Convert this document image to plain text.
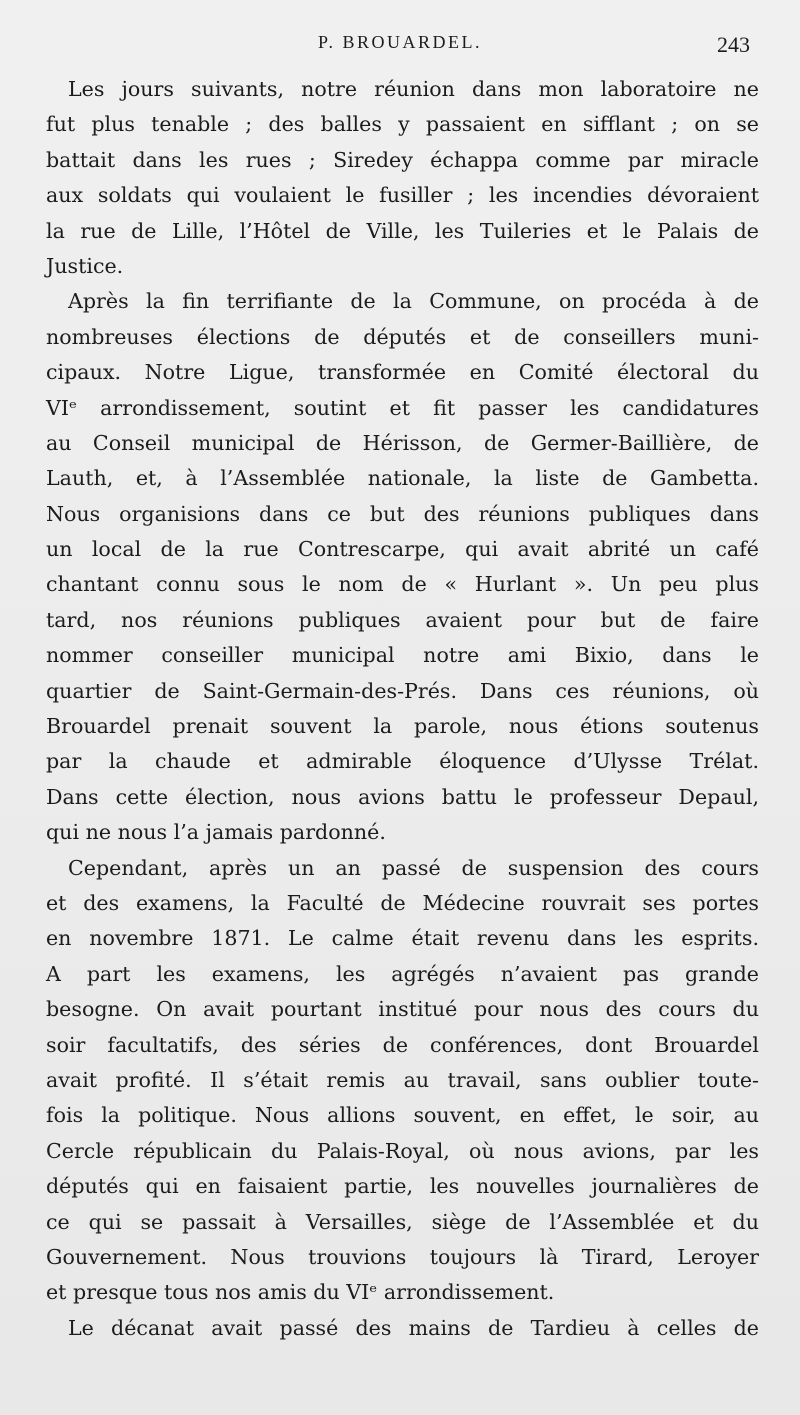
P. BROUARDEL.	243
Les jours suivants, notre réunion dans mon laboratoire ne
fut plus tenable ; des balles y passaient en sifflant ; on se
battait dans les rues ; Siredey échappa comme par miracle
aux soldats qui voulaient le fusiller ; les incendies dévoraient
la rue de Lille, l’Hôtel de Ville, les Tuileries et le Palais de
Justice.
Après la fin terrifiante de la Commune, on procéda à de
nombreuses élections de députés et de conseillers muni-
cipaux. Notre Ligue, transformée en Comité électoral du
VIᵉ arrondissement, soutint et fit passer les candidatures
au Conseil municipal de Hérisson, de Germer-Baillière, de
Lauth, et, à l’Assemblée nationale, la liste de Gambetta.
Nous organisions dans ce but des réunions publiques dans
un local de la rue Contrescarpe, qui avait abrité un café
chantant connu sous le nom de « Hurlant ». Un peu plus
tard, nos réunions publiques avaient pour but de faire
nommer conseiller municipal notre ami Bixio, dans le
quartier de Saint-Germain-des-Prés. Dans ces réunions, où
Brouardel prenait souvent la parole, nous étions soutenus
par la chaude et admirable éloquence d’Ulysse Trélat.
Dans cette élection, nous avions battu le professeur Depaul,
qui ne nous l’a jamais pardonné.
Cependant, après un an passé de suspension des cours
et des examens, la Faculté de Médecine rouvrait ses portes
en novembre 1871. Le calme était revenu dans les esprits.
A part les examens, les agrégés n’avaient pas grande
besogne. On avait pourtant institué pour nous des cours du
soir facultatifs, des séries de conférences, dont Brouardel
avait profité. Il s’était remis au travail, sans oublier toute-
fois la politique. Nous allions souvent, en effet, le soir, au
Cercle républicain du Palais-Royal, où nous avions, par les
députés qui en faisaient partie, les nouvelles journalières de
ce qui se passait à Versailles, siège de l’Assemblée et du
Gouvernement. Nous trouvions toujours là Tirard, Leroyer
et presque tous nos amis du VIᵉ arrondissement.
Le décanat avait passé des mains de Tardieu à celles de
